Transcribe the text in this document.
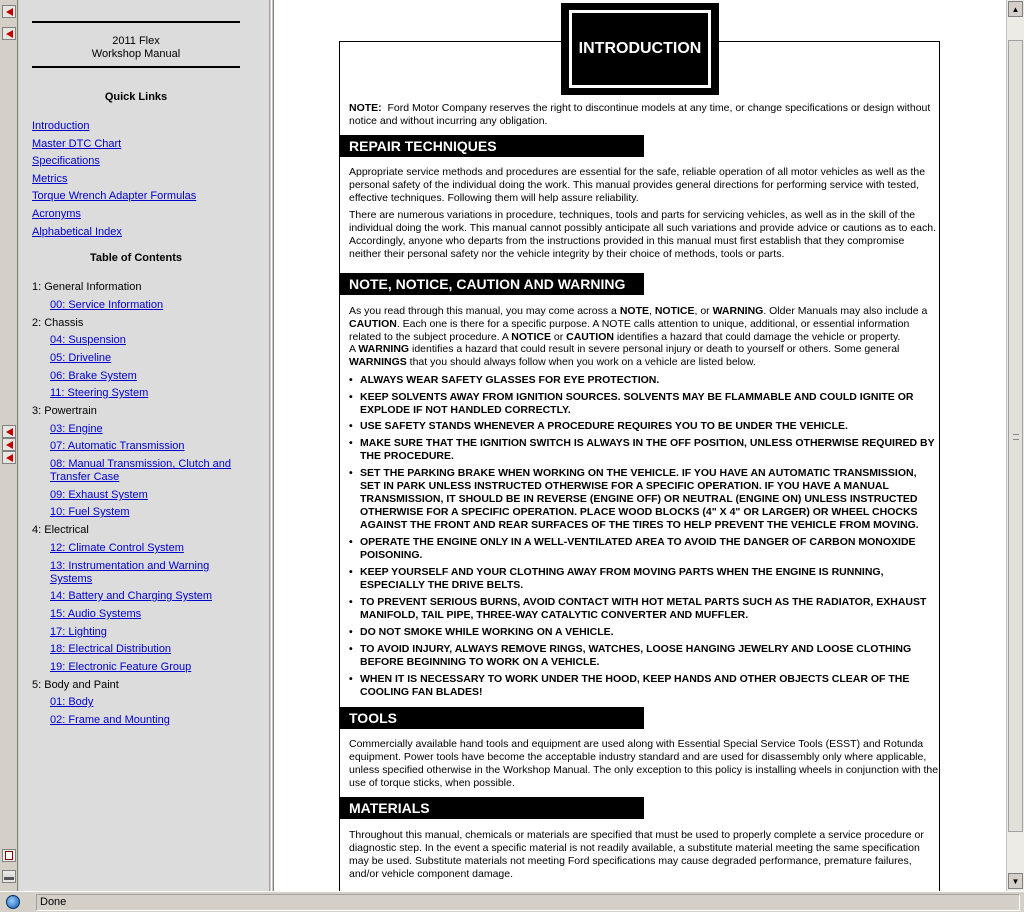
2011 Flex
Workshop Manual
Quick Links
Introduction
Master DTC Chart
Specifications
Metrics
Torque Wrench Adapter Formulas
Acronyms
Alphabetical Index
Table of Contents
1: General Information
00: Service Information
2: Chassis
04: Suspension
05: Driveline
06: Brake System
11: Steering System
3: Powertrain
03: Engine
07: Automatic Transmission
08: Manual Transmission, Clutch and
Transfer Case
09: Exhaust System
10: Fuel System
4: Electrical
12: Climate Control System
13: Instrumentation and Warning
Systems
14: Battery and Charging System
15: Audio Systems
17: Lighting
18: Electrical Distribution
19: Electronic Feature Group
5: Body and Paint
01: Body
02: Frame and Mounting
INTRODUCTION
NOTE: Ford Motor Company reserves the right to discontinue models at any time, or change specifications or design without notice and without incurring any obligation.
REPAIR TECHNIQUES
Appropriate service methods and procedures are essential for the safe, reliable operation of all motor vehicles as well as the personal safety of the individual doing the work. This manual provides general directions for performing service with tested, effective techniques. Following them will help assure reliability.
There are numerous variations in procedure, techniques, tools and parts for servicing vehicles, as well as in the skill of the individual doing the work. This manual cannot possibly anticipate all such variations and provide advice or cautions as to each. Accordingly, anyone who departs from the instructions provided in this manual must first establish that they compromise neither their personal safety nor the vehicle integrity by their choice of methods, tools or parts.
NOTE, NOTICE, CAUTION AND WARNING
As you read through this manual, you may come across a NOTE, NOTICE, or WARNING. Older Manuals may also include a CAUTION. Each one is there for a specific purpose. A NOTE calls attention to unique, additional, or essential information related to the subject procedure. A NOTICE or CAUTION identifies a hazard that could damage the vehicle or property.
A WARNING identifies a hazard that could result in severe personal injury or death to yourself or others. Some general WARNINGS that you should always follow when you work on a vehicle are listed below.
• ALWAYS WEAR SAFETY GLASSES FOR EYE PROTECTION.
• KEEP SOLVENTS AWAY FROM IGNITION SOURCES. SOLVENTS MAY BE FLAMMABLE AND COULD IGNITE OR EXPLODE IF NOT HANDLED CORRECTLY.
• USE SAFETY STANDS WHENEVER A PROCEDURE REQUIRES YOU TO BE UNDER THE VEHICLE.
• MAKE SURE THAT THE IGNITION SWITCH IS ALWAYS IN THE OFF POSITION, UNLESS OTHERWISE REQUIRED BY THE PROCEDURE.
• SET THE PARKING BRAKE WHEN WORKING ON THE VEHICLE. IF YOU HAVE AN AUTOMATIC TRANSMISSION, SET IN PARK UNLESS INSTRUCTED OTHERWISE FOR A SPECIFIC OPERATION. IF YOU HAVE A MANUAL TRANSMISSION, IT SHOULD BE IN REVERSE (ENGINE OFF) OR NEUTRAL (ENGINE ON) UNLESS INSTRUCTED OTHERWISE FOR A SPECIFIC OPERATION. PLACE WOOD BLOCKS (4" X 4" OR LARGER) OR WHEEL CHOCKS AGAINST THE FRONT AND REAR SURFACES OF THE TIRES TO HELP PREVENT THE VEHICLE FROM MOVING.
• OPERATE THE ENGINE ONLY IN A WELL-VENTILATED AREA TO AVOID THE DANGER OF CARBON MONOXIDE POISONING.
• KEEP YOURSELF AND YOUR CLOTHING AWAY FROM MOVING PARTS WHEN THE ENGINE IS RUNNING, ESPECIALLY THE DRIVE BELTS.
• TO PREVENT SERIOUS BURNS, AVOID CONTACT WITH HOT METAL PARTS SUCH AS THE RADIATOR, EXHAUST MANIFOLD, TAIL PIPE, THREE-WAY CATALYTIC CONVERTER AND MUFFLER.
• DO NOT SMOKE WHILE WORKING ON A VEHICLE.
• TO AVOID INJURY, ALWAYS REMOVE RINGS, WATCHES, LOOSE HANGING JEWELRY AND LOOSE CLOTHING BEFORE BEGINNING TO WORK ON A VEHICLE.
• WHEN IT IS NECESSARY TO WORK UNDER THE HOOD, KEEP HANDS AND OTHER OBJECTS CLEAR OF THE COOLING FAN BLADES!
TOOLS
Commercially available hand tools and equipment are used along with Essential Special Service Tools (ESST) and Rotunda equipment. Power tools have become the acceptable industry standard and are used for disassembly only where applicable, unless specified otherwise in the Workshop Manual. The only exception to this policy is installing wheels in conjunction with the use of torque sticks, when possible.
MATERIALS
Throughout this manual, chemicals or materials are specified that must be used to properly complete a service procedure or diagnostic step. In the event a specific material is not readily available, a substitute material meeting the same specification may be used. Substitute materials not meeting Ford specifications may cause degraded performance, premature failures, and/or vehicle component damage.
▲
▼
Done
